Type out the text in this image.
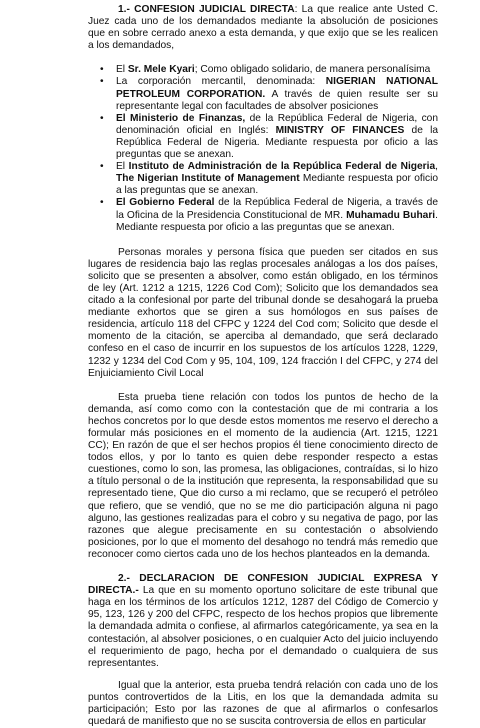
1.- CONFESION JUDICIAL DIRECTA: La que realice ante Usted C. Juez cada uno de los demandados mediante la absolución de posiciones que en sobre cerrado anexo a esta demanda, y que exijo que se les realicen a los demandados,

• El Sr. Mele Kyari; Como obligado solidario, de manera personalísima
• La corporación mercantil, denominada: NIGERIAN NATIONAL PETROLEUM CORPORATION. A través de quien resulte ser su representante legal con facultades de absolver posiciones
• El Ministerio de Finanzas, de la República Federal de Nigeria, con denominación oficial en Inglés: MINISTRY OF FINANCES de la República Federal de Nigeria. Mediante respuesta por oficio a las preguntas que se anexan.
• El Instituto de Administración de la República Federal de Nigeria, The Nigerian Institute of Management Mediante respuesta por oficio a las preguntas que se anexan.
• El Gobierno Federal de la República Federal de Nigeria, a través de la Oficina de la Presidencia Constitucional de MR. Muhamadu Buhari. Mediante respuesta por oficio a las preguntas que se anexan.

Personas morales y persona física que pueden ser citados en sus lugares de residencia bajo las reglas procesales análogas a los dos países, solicito que se presenten a absolver, como están obligado, en los términos de ley (Art. 1212 a 1215, 1226 Cod Com); Solicito que los demandados sea citado a la confesional por parte del tribunal donde se desahogará la prueba mediante exhortos que se giren a sus homólogos en sus países de residencia, artículo 118 del CFPC y 1224 del Cod com; Solicito que desde el momento de la citación, se aperciba al demandado, que será declarado confeso en el caso de incurrir en los supuestos de los artículos 1228, 1229, 1232 y 1234 del Cod Com y 95, 104, 109, 124 fracción I del CFPC, y 274 del Enjuiciamiento Civil Local

Esta prueba tiene relación con todos los puntos de hecho de la demanda, así como como con la contestación que de mi contraria a los hechos concretos por lo que desde estos momentos me reservo el derecho a formular más posiciones en el momento de la audiencia (Art. 1215, 1221 CC); En razón de que el ser hechos propios él tiene conocimiento directo de todos ellos, y por lo tanto es quien debe responder respecto a estas cuestiones, como lo son, las promesa, las obligaciones, contraídas, si lo hizo a título personal o de la institución que representa, la responsabilidad que su representado tiene, Que dio curso a mi reclamo, que se recuperó el petróleo que refiero, que se vendió, que no se me dio participación alguna ni pago alguno, las gestiones realizadas para el cobro y su negativa de pago, por las razones que alegue precisamente en su contestación o absolviendo posiciones, por lo que el momento del desahogo no tendrá más remedio que reconocer como ciertos cada uno de los hechos planteados en la demanda.

2.- DECLARACION DE CONFESION JUDICIAL EXPRESA Y DIRECTA.- La que en su momento oportuno solicitare de este tribunal que haga en los términos de los artículos 1212, 1287 del Código de Comercio y 95, 123, 126 y 200 del CFPC, respecto de los hechos propios que libremente la demandada admita o confiese, al afirmarlos categóricamente, ya sea en la contestación, al absolver posiciones, o en cualquier Acto del juicio incluyendo el requerimiento de pago, hecha por el demandado o cualquiera de sus representantes.

Igual que la anterior, esta prueba tendrá relación con cada uno de los puntos controvertidos de la Litis, en los que la demandada admita su participación; Esto por las razones de que al afirmarlos o confesarlos quedará de manifiesto que no se suscita controversia de ellos en particular
